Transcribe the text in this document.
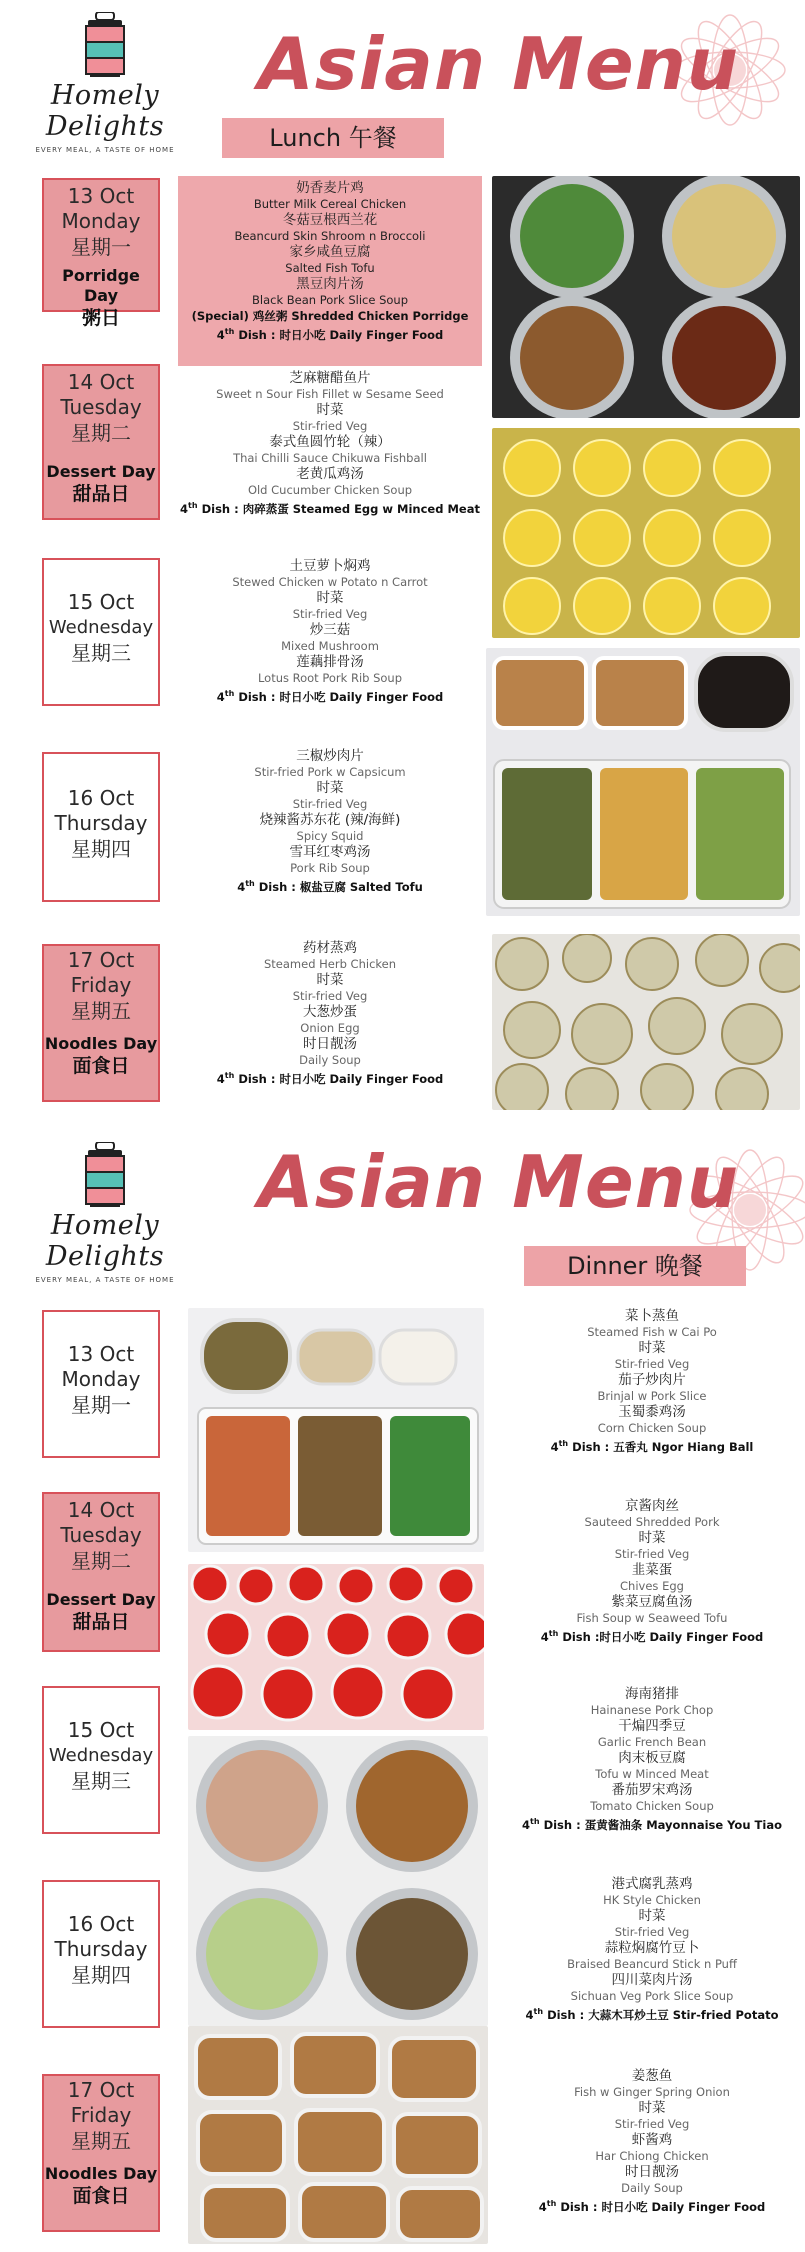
Homely Delights
EVERY MEAL, A TASTE OF HOME
Asian Menu
Lunch 午餐
13 Oct
Monday
星期一
Porridge Day
粥日
奶香麦片鸡
Butter Milk Cereal Chicken
冬菇豆根西兰花
Beancurd Skin Shroom n Broccoli
家乡咸鱼豆腐
Salted Fish Tofu
黑豆肉片汤
Black Bean Pork Slice Soup
(Special) 鸡丝粥 Shredded Chicken Porridge
4th Dish : 时日小吃 Daily Finger Food
14 Oct
Tuesday
星期二
Dessert Day
甜品日
芝麻糖醋鱼片
Sweet n Sour Fish Fillet w Sesame Seed
时菜
Stir-fried Veg
泰式鱼圆竹轮（辣）
Thai Chilli Sauce Chikuwa Fishball
老黄瓜鸡汤
Old Cucumber Chicken Soup
4th Dish : 肉碎蒸蛋 Steamed Egg w Minced Meat
15 Oct
Wednesday
星期三
土豆萝卜焖鸡
Stewed Chicken w Potato n Carrot
时菜
Stir-fried Veg
炒三菇
Mixed Mushroom
莲藕排骨汤
Lotus Root Pork Rib Soup
4th Dish : 时日小吃 Daily Finger Food
16 Oct
Thursday
星期四
三椒炒肉片
Stir-fried Pork w Capsicum
时菜
Stir-fried Veg
烧辣酱苏东花 (辣/海鲜)
Spicy Squid
雪耳红枣鸡汤
Pork Rib Soup
4th Dish : 椒盐豆腐 Salted Tofu
17 Oct
Friday
星期五
Noodles Day
面食日
药材蒸鸡
Steamed Herb Chicken
时菜
Stir-fried Veg
大葱炒蛋
Onion Egg
时日靓汤
Daily Soup
4th Dish : 时日小吃 Daily Finger Food
Homely Delights
EVERY MEAL, A TASTE OF HOME
Asian Menu
Dinner 晚餐
13 Oct
Monday
星期一
菜卜蒸鱼
Steamed Fish w Cai Po
时菜
Stir-fried Veg
茄子炒肉片
Brinjal w Pork Slice
玉蜀黍鸡汤
Corn Chicken Soup
4th Dish : 五香丸 Ngor Hiang Ball
14 Oct
Tuesday
星期二
Dessert Day
甜品日
京酱肉丝
Sauteed Shredded Pork
时菜
Stir-fried Veg
韭菜蛋
Chives Egg
紫菜豆腐鱼汤
Fish Soup w Seaweed Tofu
4th Dish :时日小吃 Daily Finger Food
15 Oct
Wednesday
星期三
海南猪排
Hainanese Pork Chop
干煸四季豆
Garlic French Bean
肉末板豆腐
Tofu w Minced Meat
番茄罗宋鸡汤
Tomato Chicken Soup
4th Dish : 蛋黄酱油条 Mayonnaise You Tiao
16 Oct
Thursday
星期四
港式腐乳蒸鸡
HK Style Chicken
时菜
Stir-fried Veg
蒜粒焖腐竹豆卜
Braised Beancurd Stick n Puff
四川菜肉片汤
Sichuan Veg Pork Slice Soup
4th Dish : 大蒜木耳炒土豆 Stir-fried Potato
17 Oct
Friday
星期五
Noodles Day
面食日
姜葱鱼
Fish w Ginger Spring Onion
时菜
Stir-fried Veg
虾酱鸡
Har Chiong Chicken
时日靓汤
Daily Soup
4th Dish : 时日小吃 Daily Finger Food
